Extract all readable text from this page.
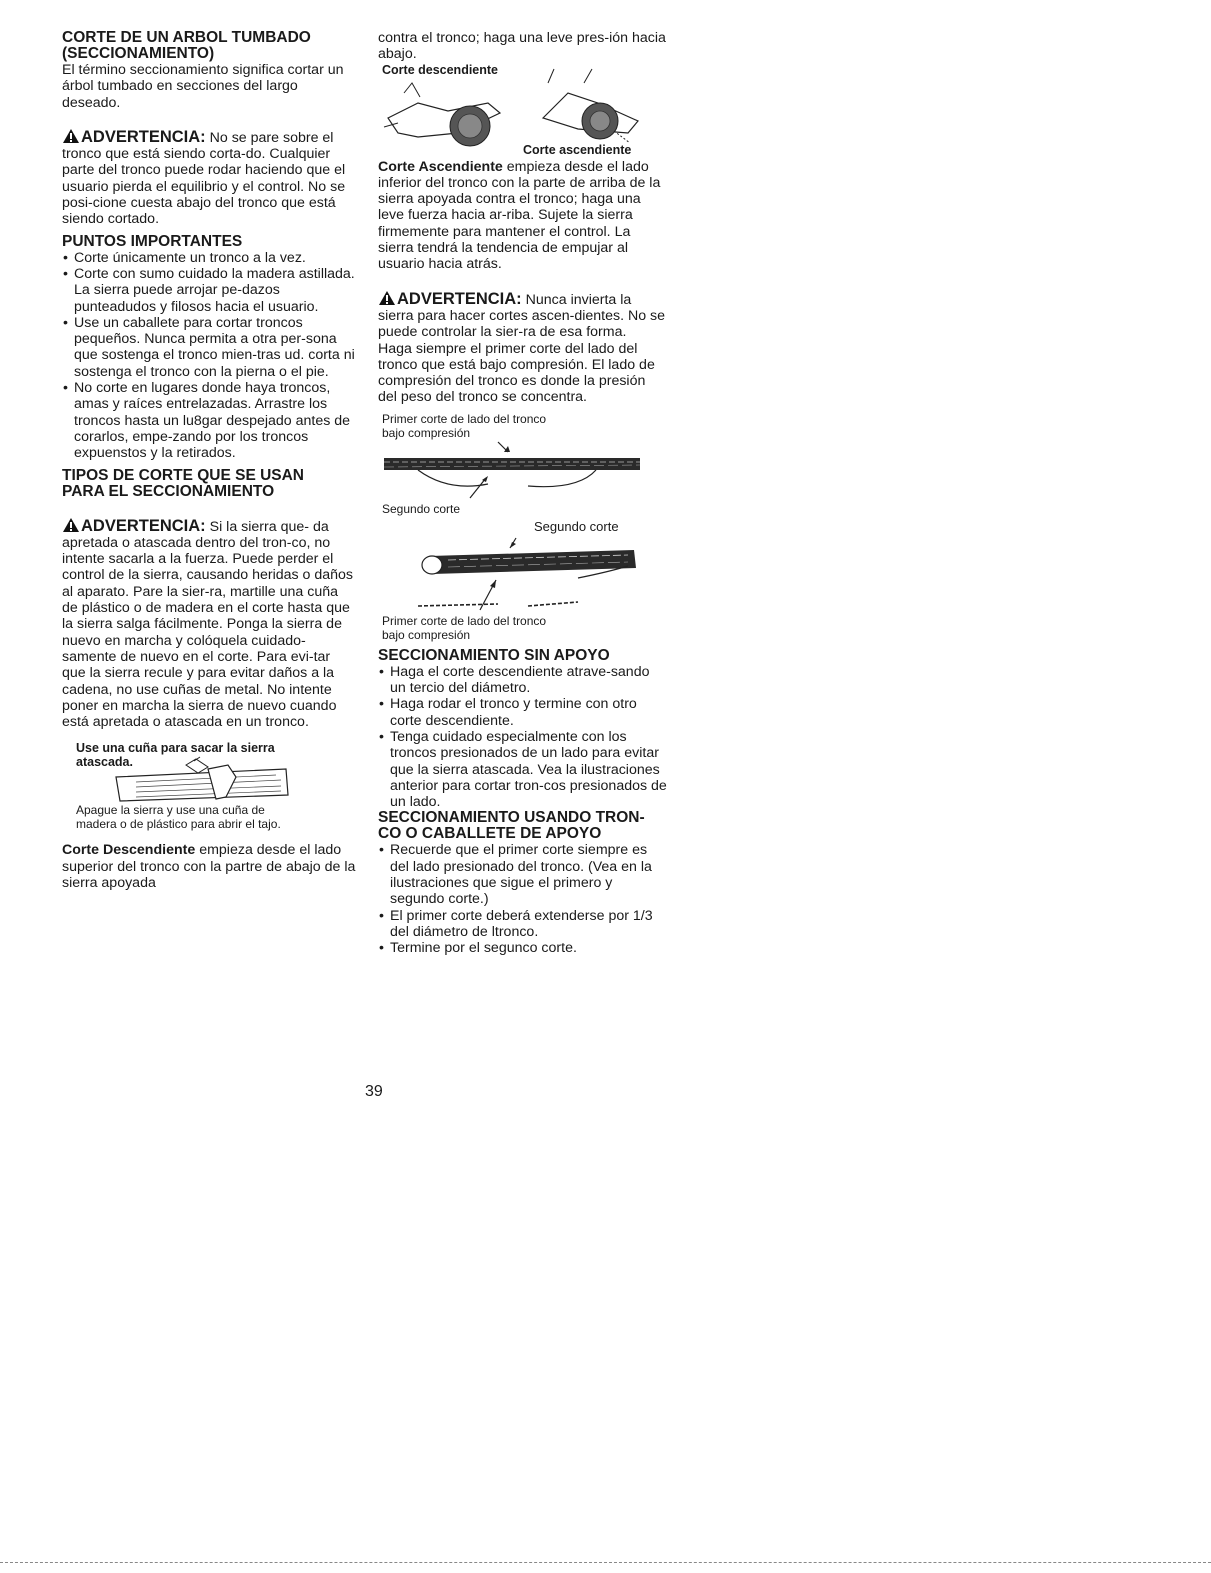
CORTE DE UN ARBOL TUMBADO

(SECCIONAMIENTO)

El término seccionamiento significa cortar un árbol tumbado en secciones del largo deseado.

ADVERTENCIA: No se pare sobre el tronco que está siendo corta-do. Cualquier parte del tronco puede rodar haciendo que el usuario pierda el equilibrio y el control. No se posi-cione cuesta abajo del tronco que está siendo cortado.

PUNTOS IMPORTANTES

• Corte únicamente un tronco a la vez.
• Corte con sumo cuidado la madera astillada. La sierra puede arrojar pe-dazos punteadudos y filosos hacia el usuario.
• Use un caballete para cortar troncos pequeños. Nunca permita a otra per-sona que sostenga el tronco mien-tras ud. corta ni sostenga el tronco con la pierna o el pie.
• No corte en lugares donde haya troncos, amas y raíces entrelazadas. Arrastre los troncos hasta un lu8gar despejado antes de corarlos, empe-zando por los troncos expuenstos y la retirados.

TIPOS DE CORTE QUE SE USAN

PARA EL SECCIONAMIENTO

ADVERTENCIA: Si la sierra que- da apretada o atascada dentro del tron-co, no intente sacarla a la fuerza. Puede perder el control de la sierra, causando heridas o daños al aparato. Pare la sier-ra, martille una cuña de plástico o de madera en el corte hasta que la sierra salga fácilmente. Ponga la sierra de nuevo en marcha y colóquela cuidado-samente de nuevo en el corte. Para evi-tar que la sierra recule y para evitar daños a la cadena, no use cuñas de metal. No intente poner en marcha la sierra de nuevo cuando está apretada o atascada en un tronco.

Use una cuña para sacar la sierra

atascada.

Apague la sierra y use una cuña de

madera o de plástico para abrir el tajo.

Corte Descendiente empieza desde el lado superior del tronco con la partre de abajo de la sierra apoyada

contra el tronco; haga una leve pres-ión hacia abajo.

Corte descendiente

Corte ascendiente

Corte Ascendiente empieza desde el lado inferior del tronco con la parte de arriba de la sierra apoyada contra el tronco; haga una leve fuerza hacia ar-riba. Sujete la sierra firmemente para mantener el control. La sierra tendrá la tendencia de empujar al usuario hacia atrás.

ADVERTENCIA: Nunca invierta la sierra para hacer cortes ascen-dientes. No se puede controlar la sier-ra de esa forma.

Haga siempre el primer corte del lado del tronco que está bajo compresión. El lado de compresión del tronco es donde la presión del peso del tronco se concentra.

Primer corte de lado del tronco

bajo compresión

Segundo corte

Segundo corte

Primer corte de lado del tronco

bajo compresión

SECCIONAMIENTO SIN APOYO

• Haga el corte descendiente atrave-sando un tercio del diámetro.
• Haga rodar el tronco y termine con otro corte descendiente.
• Tenga cuidado especialmente con los troncos presionados de un lado para evitar que la sierra atascada. Vea la ilustraciones anterior para cortar tron-cos presionados de un lado.

SECCIONAMIENTO USANDO TRON-

CO O CABALLETE DE APOYO

• Recuerde que el primer corte siempre es del lado presionado del tronco. (Vea en la ilustraciones que sigue el primero y segundo corte.)
• El primer corte deberá extenderse por 1/3 del diámetro de ltronco.
• Termine por el segunco corte.
39
